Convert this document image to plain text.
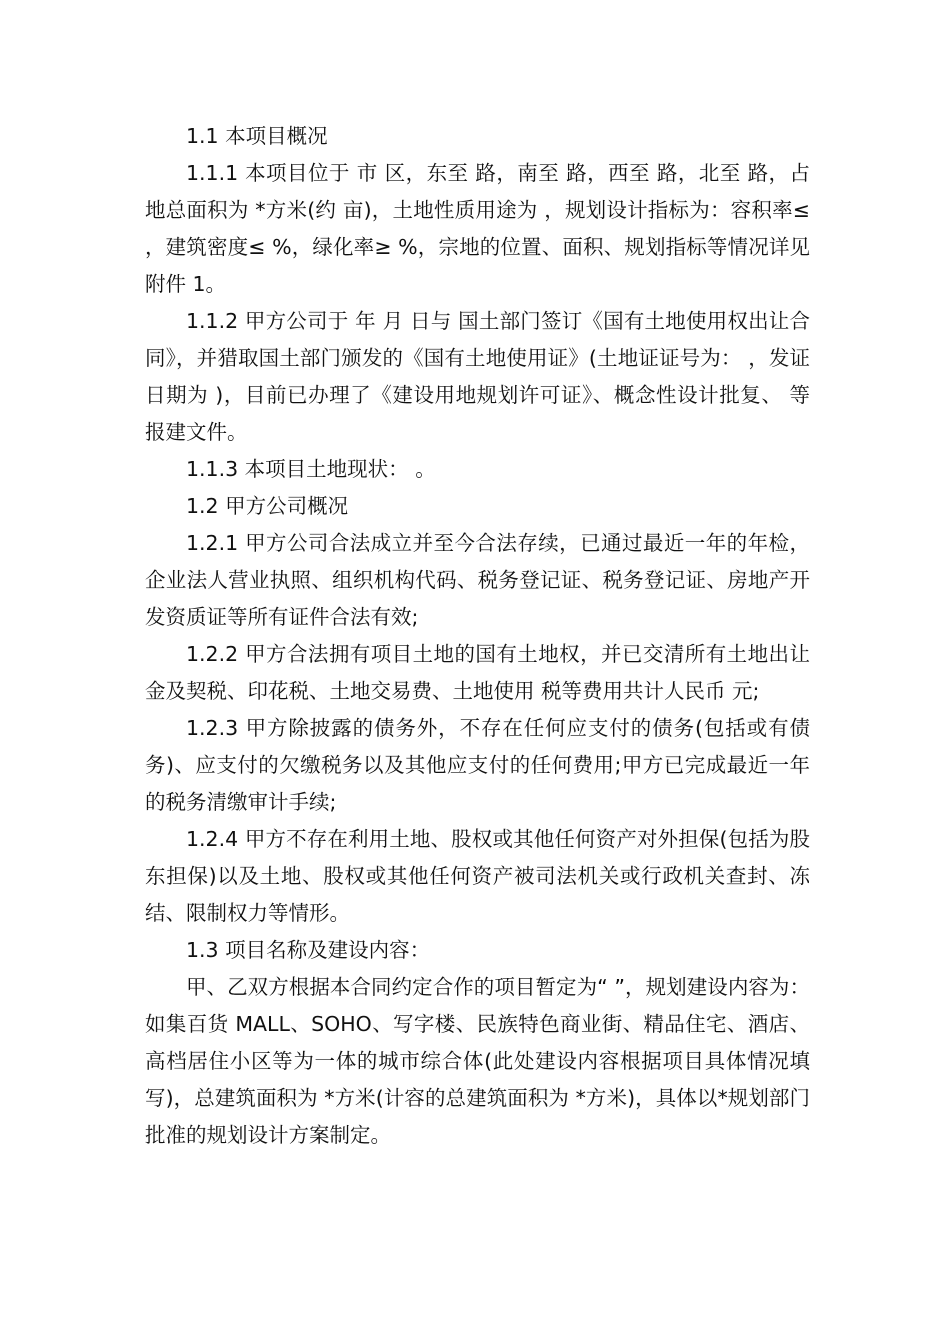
1.1 本项目概况

1.1.1 本项目位于 市 区，东至 路，南至 路，西至 路，北至 路，占地总面积为 *方米(约 亩)，土地性质用途为 ，规划设计指标为：容积率≤ ，建筑密度≤ %，绿化率≥ %，宗地的位置、面积、规划指标等情况详见附件 1。

1.1.2 甲方公司于 年 月 日与 国土部门签订《国有土地使用权出让合同》，并猎取国土部门颁发的《国有土地使用证》(土地证证号为： ，发证日期为 )，目前已办理了《建设用地规划许可证》、概念性设计批复、 等报建文件。

1.1.3 本项目土地现状： 。

1.2 甲方公司概况

1.2.1 甲方公司合法成立并至今合法存续，已通过最近一年的年检，企业法人营业执照、组织机构代码、税务登记证、税务登记证、房地产开发资质证等所有证件合法有效;

1.2.2 甲方合法拥有项目土地的国有土地权，并已交清所有土地出让金及契税、印花税、土地交易费、土地使用 税等费用共计人民币 元;

1.2.3 甲方除披露的债务外，不存在任何应支付的债务(包括或有债务)、应支付的欠缴税务以及其他应支付的任何费用;甲方已完成最近一年的税务清缴审计手续;

1.2.4 甲方不存在利用土地、股权或其他任何资产对外担保(包括为股东担保)以及土地、股权或其他任何资产被司法机关或行政机关查封、冻结、限制权力等情形。

1.3 项目名称及建设内容：

甲、乙双方根据本合同约定合作的项目暂定为“ ”，规划建设内容为：如集百货 MALL、SOHO、写字楼、民族特色商业街、精品住宅、酒店、高档居住小区等为一体的城市综合体(此处建设内容根据项目具体情况填写)，总建筑面积为 *方米(计容的总建筑面积为 *方米)，具体以*规划部门批准的规划设计方案制定。
